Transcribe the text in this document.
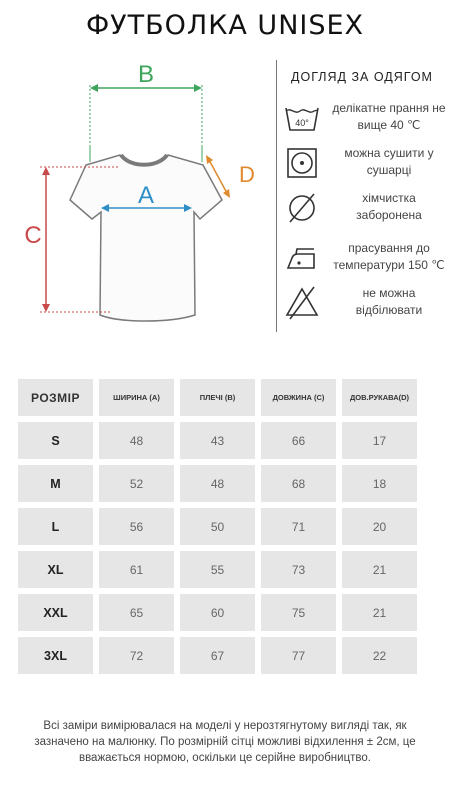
ФУТБОЛКА UNISEX
B
A
C
D
ДОГЛЯД ЗА ОДЯГОМ
40°
делікатне прання не вище 40 ℃
можна сушити у сушарці
хімчистка заборонена
прасування до температури 150 ℃
не можна відбілювати
РОЗМІР	ШИРИНА (А)	ПЛЕЧІ (В)	ДОВЖИНА (С)	ДОВ.РУКАВА(D)
S	48	43	66	17
M	52	48	68	18
L	56	50	71	20
XL	61	55	73	21
XXL	65	60	75	21
3XL	72	67	77	22
Всі заміри вимірювалася на моделі у нерозтягнутому вигляді так, як зазначено на малюнку. По розмірній сітці можливі відхилення ± 2см, це вважається нормою, оскільки це серійне виробництво.
